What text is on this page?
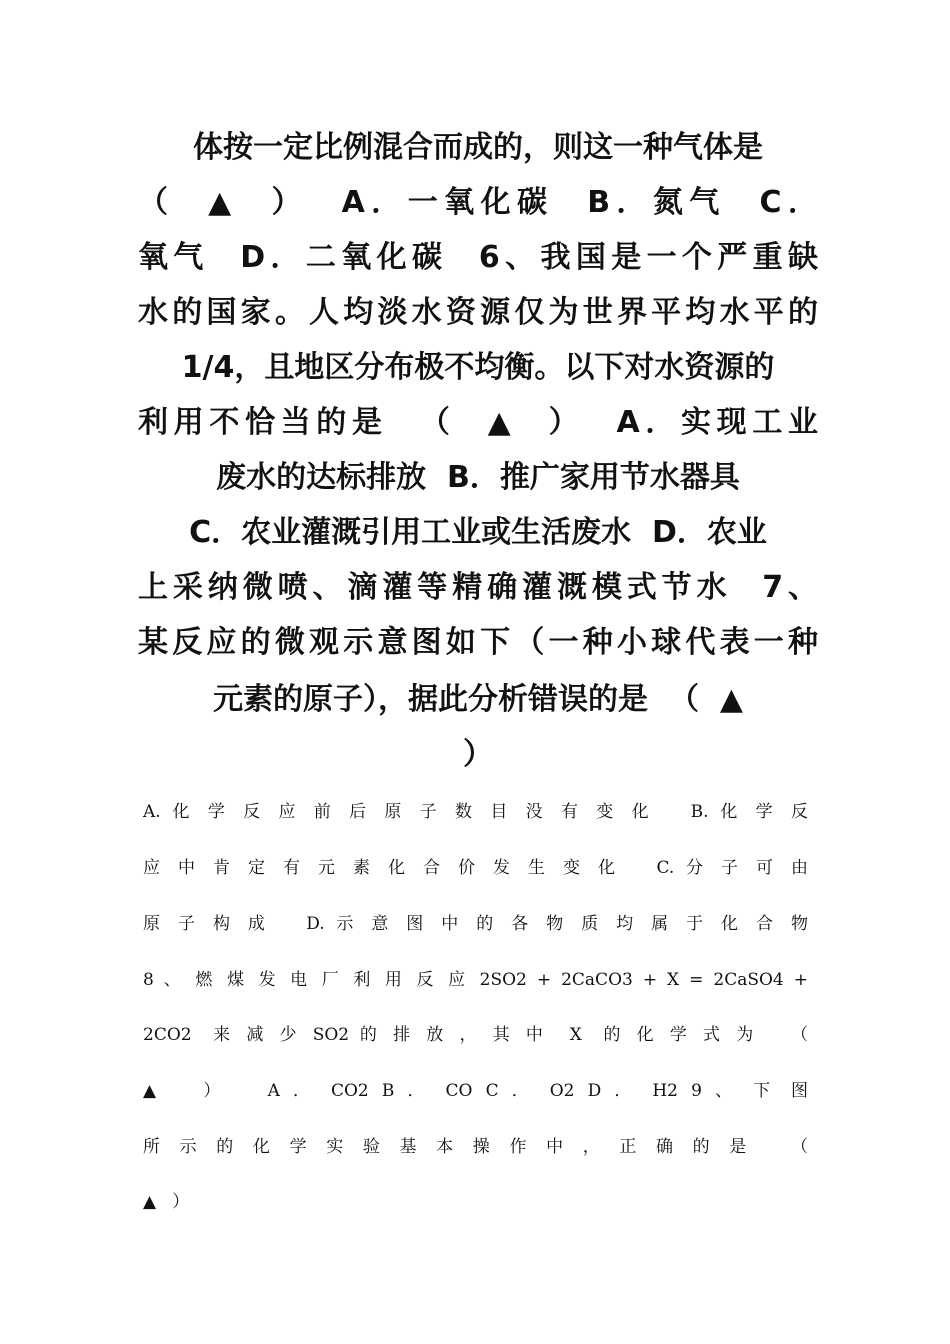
体按一定比例混合而成的，则这一种气体是
（  ▲  ）  A．一氧化碳  B．氮气  C．
氧气  D．二氧化碳  6、我国是一个严重缺
水的国家。人均淡水资源仅为世界平均水平的
1/4，且地区分布极不均衡。以下对水资源的
利用不恰当的是  （  ▲  ）  A．实现工业
废水的达标排放  B．推广家用节水器具
C．农业灌溉引用工业或生活废水  D．农业
上采纳微喷、滴灌等精确灌溉模式节水  7、
某反应的微观示意图如下（一种小球代表一种
元素的原子），据此分析错误的是  （  ▲
）
A. 化 学 反 应 前 后 原 子 数 目 没 有 变 化   B. 化 学 反
应 中 肯 定 有 元 素 化 合 价 发 生 变 化   C. 分 子 可 由
原 子 构 成   D. 示 意 图 中 的 各 物 质 均 属 于 化 合 物
8 、 燃 煤 发 电 厂 利 用 反 应 2SO2 + 2CaCO3 + X = 2CaSO4 +
2CO2  来 减 少 SO2 的 排 放 ， 其 中  X  的 化 学 式 为   （
▲   ）   A ． CO2 B ． CO C ． O2 D ． H2 9 、 下 图
所 示 的 化 学 实 验 基 本 操 作 中 ， 正 确 的 是   （
▲   ）
